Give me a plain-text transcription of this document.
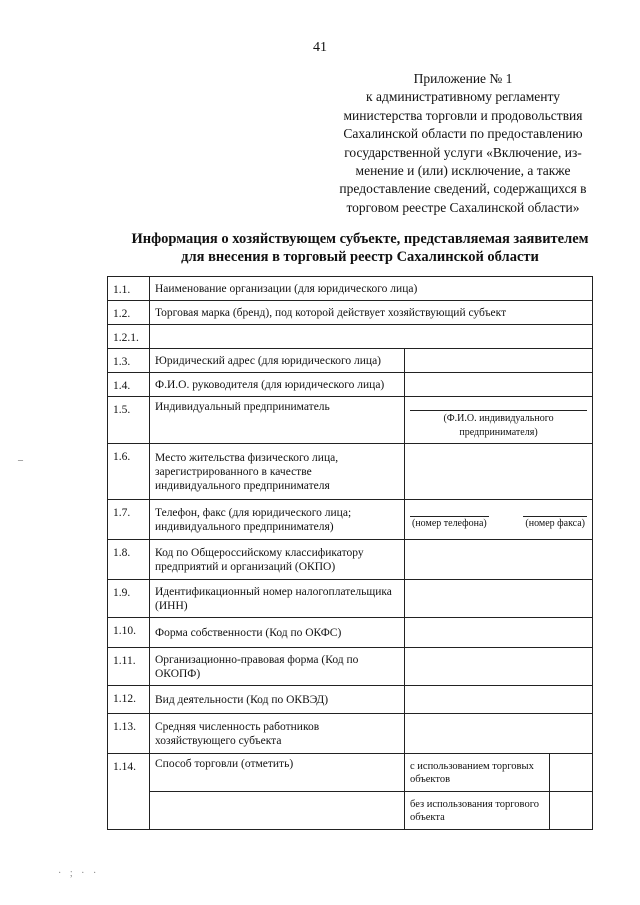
41
Приложение № 1
к административному регламенту
министерства торговли и продовольствия
Сахалинской области по предоставлению
государственной услуги «Включение, из-
менение и (или) исключение, а также
предоставление сведений, содержащихся в
торговом реестре Сахалинской области»
Информация о хозяйствующем субъекте, представляемая заявителем
для внесения в торговый реестр Сахалинской области
1.1.	Наименование организации (для юридического лица)		
1.2.	Торговая марка (бренд), под которой действует хозяйствующий субъект		
1.2.1.			
1.3.	Юридический адрес (для юридического лица)		
1.4.	Ф.И.О. руководителя (для юридического лица)		
1.5.	Индивидуальный предприниматель	(Ф.И.О. индивидуального предпринимателя)	

1.6.	Место жительства физического лица, зарегистрированного в качестве индивидуального предпринимателя		
1.7.	Телефон, факс (для юридического лица; индивидуального предпринимателя)	(номер телефона) (номер факса)	

1.8.	Код по Общероссийскому классификатору предприятий и организаций (ОКПО)		
1.9.	Идентификационный номер налогоплательщика (ИНН)		
1.10.	Форма собственности (Код по ОКФС)		
1.11.	Организационно-правовая форма (Код по ОКОПФ)		
1.12.	Вид деятельности (Код по ОКВЭД)		
1.13.	Средняя численность работников хозяйствующего субъекта		
1.14.	Способ торговли (отметить)	с использованием торговых объектов	
		без использования торгового объекта	
–
· ; · ·
